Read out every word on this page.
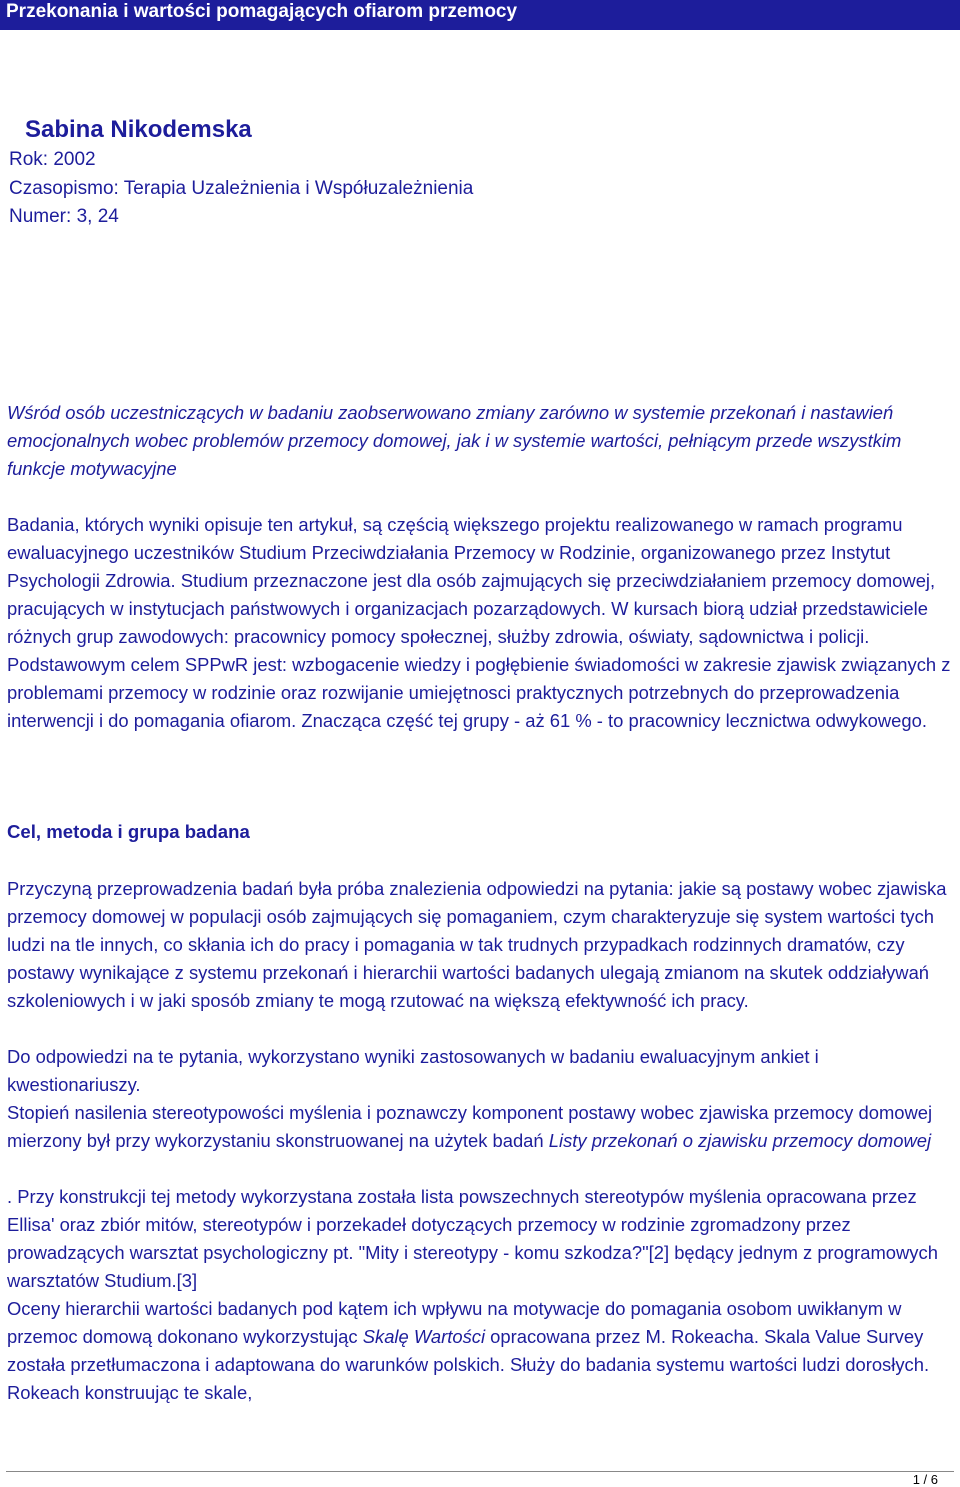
Przekonania i wartości pomagających ofiarom przemocy
Sabina Nikodemska
Rok: 2002
Czasopismo: Terapia Uzależnienia i Współuzależnienia
Numer: 3, 24

Wśród osób uczestniczących w badaniu zaobserwowano zmiany zarówno w systemie przekonań i nastawień emocjonalnych wobec problemów przemocy domowej, jak i w systemie wartości, pełniącym przede wszystkim funkcje motywacyjne

Badania, których wyniki opisuje ten artykuł, są częścią większego projektu realizowanego w ramach programu ewaluacyjnego uczestników Studium Przeciwdziałania Przemocy w Rodzinie, organizowanego przez Instytut Psychologii Zdrowia. Studium przeznaczone jest dla osób zajmujących się przeciwdziałaniem przemocy domowej, pracujących w instytucjach państwowych i organizacjach pozarządowych. W kursach biorą udział przedstawiciele różnych grup zawodowych: pracownicy pomocy społecznej, służby zdrowia, oświaty, sądownictwa i policji. Podstawowym celem SPPwR jest: wzbogacenie wiedzy i pogłębienie świadomości w zakresie zjawisk związanych z problemami przemocy w rodzinie oraz rozwijanie umiejętnosci praktycznych potrzebnych do przeprowadzenia interwencji i do pomagania ofiarom. Znacząca część tej grupy - aż 61 % - to pracownicy lecznictwa odwykowego.

Cel, metoda i grupa badana

Przyczyną przeprowadzenia badań była próba znalezienia odpowiedzi na pytania: jakie są postawy wobec zjawiska przemocy domowej w populacji osób zajmujących się pomaganiem, czym charakteryzuje się system wartości tych ludzi na tle innych, co skłania ich do pracy i pomagania w tak trudnych przypadkach rodzinnych dramatów, czy postawy wynikające z systemu przekonań i hierarchii wartości badanych ulegają zmianom na skutek oddziaływań szkoleniowych i w jaki sposób zmiany te mogą rzutować na większą efektywność ich pracy.

Do odpowiedzi na te pytania, wykorzystano wyniki zastosowanych w badaniu ewaluacyjnym ankiet i kwestionariuszy.

Stopień nasilenia stereotypowości myślenia i poznawczy komponent postawy wobec zjawiska przemocy domowej mierzony był przy wykorzystaniu skonstruowanej na użytek badań Listy przekonań o zjawisku przemocy domowej

. Przy konstrukcji tej metody wykorzystana została lista powszechnych stereotypów myślenia opracowana przez Ellisa' oraz zbiór mitów, stereotypów i porzekadeł dotyczących przemocy w rodzinie zgromadzony przez prowadzących warsztat psychologiczny pt. "Mity i stereotypy - komu szkodza?"[2] będący jednym z programowych warsztatów Studium.[3]

Oceny hierarchii wartości badanych pod kątem ich wpływu na motywacje do pomagania osobom uwikłanym w przemoc domową dokonano wykorzystując Skalę Wartości opracowana przez M. Rokeacha. Skala Value Survey została przetłumaczona i adaptowana do warunków polskich. Służy do badania systemu wartości ludzi dorosłych. Rokeach konstruując te skale,

1 / 6
